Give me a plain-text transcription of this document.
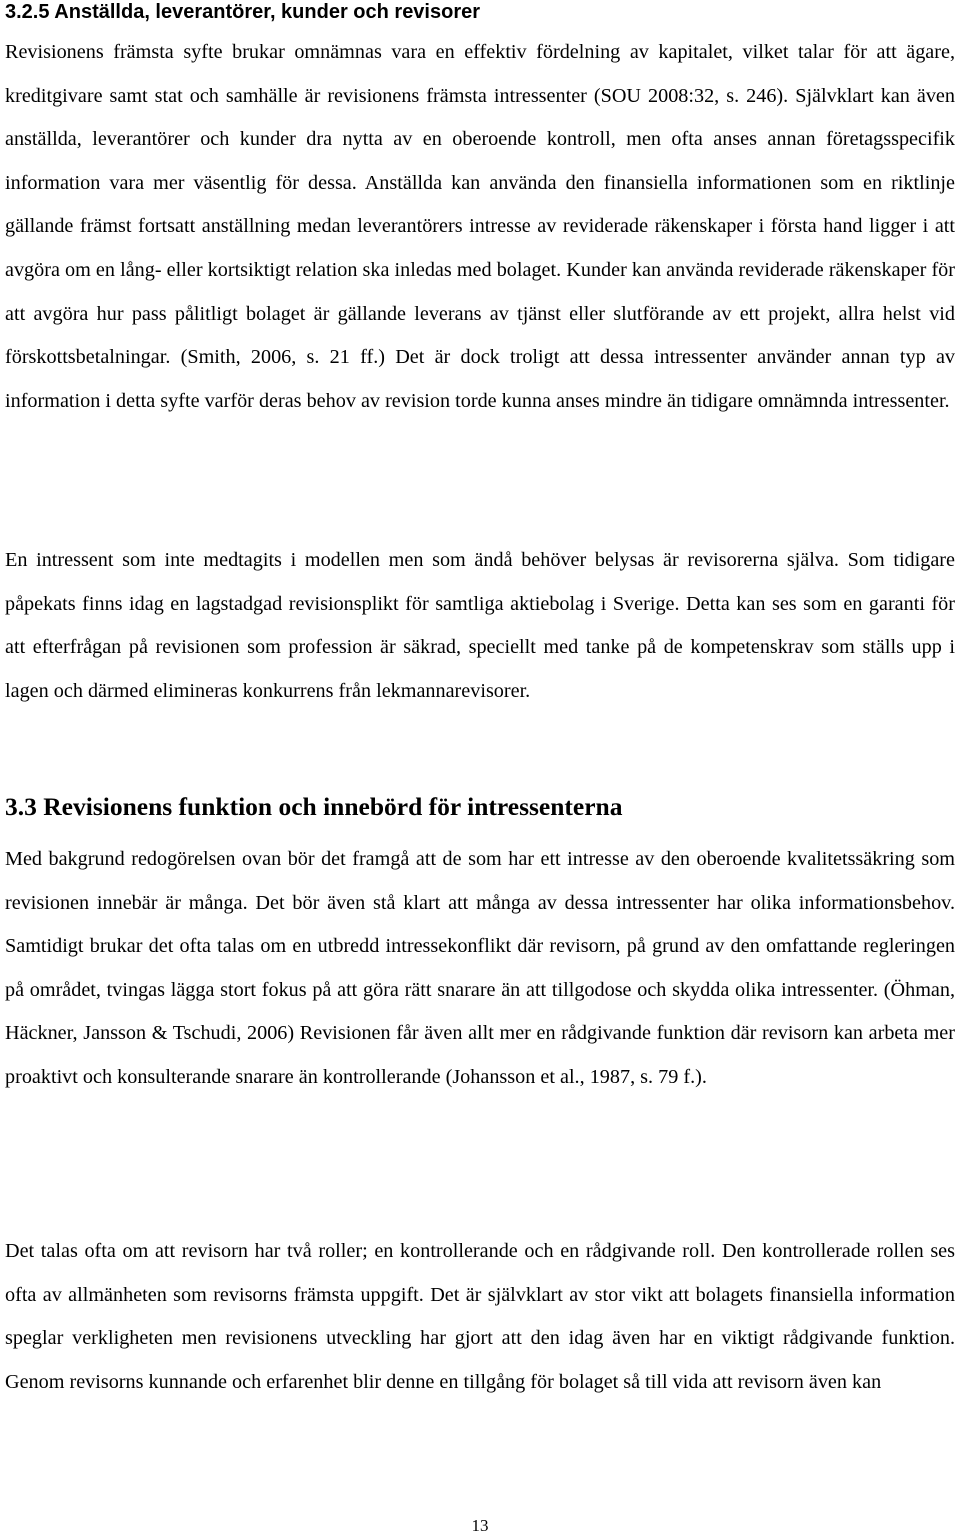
3.2.5 Anställda, leverantörer, kunder och revisorer

Revisionens främsta syfte brukar omnämnas vara en effektiv fördelning av kapitalet, vilket talar för att ägare, kreditgivare samt stat och samhälle är revisionens främsta intressenter (SOU 2008:32, s. 246). Självklart kan även anställda, leverantörer och kunder dra nytta av en oberoende kontroll, men ofta anses annan företagsspecifik information vara mer väsentlig för dessa. Anställda kan använda den finansiella informationen som en riktlinje gällande främst fortsatt anställning medan leverantörers intresse av reviderade räkenskaper i första hand ligger i att avgöra om en lång- eller kortsiktigt relation ska inledas med bolaget. Kunder kan använda reviderade räkenskaper för att avgöra hur pass pålitligt bolaget är gällande leverans av tjänst eller slutförande av ett projekt, allra helst vid förskottsbetalningar. (Smith, 2006, s. 21 ff.) Det är dock troligt att dessa intressenter använder annan typ av information i detta syfte varför deras behov av revision torde kunna anses mindre än tidigare omnämnda intressenter.

En intressent som inte medtagits i modellen men som ändå behöver belysas är revisorerna själva. Som tidigare påpekats finns idag en lagstadgad revisionsplikt för samtliga aktiebolag i Sverige. Detta kan ses som en garanti för att efterfrågan på revisionen som profession är säkrad, speciellt med tanke på de kompetenskrav som ställs upp i lagen och därmed elimineras konkurrens från lekmannarevisorer.

3.3 Revisionens funktion och innebörd för intressenterna

Med bakgrund redogörelsen ovan bör det framgå att de som har ett intresse av den oberoende kvalitetssäkring som revisionen innebär är många. Det bör även stå klart att många av dessa intressenter har olika informationsbehov. Samtidigt brukar det ofta talas om en utbredd intressekonflikt där revisorn, på grund av den omfattande regleringen på området, tvingas lägga stort fokus på att göra rätt snarare än att tillgodose och skydda olika intressenter. (Öhman, Häckner, Jansson & Tschudi, 2006) Revisionen får även allt mer en rådgivande funktion där revisorn kan arbeta mer proaktivt och konsulterande snarare än kontrollerande (Johansson et al., 1987, s. 79 f.).

Det talas ofta om att revisorn har två roller; en kontrollerande och en rådgivande roll. Den kontrollerade rollen ses ofta av allmänheten som revisorns främsta uppgift. Det är självklart av stor vikt att bolagets finansiella information speglar verkligheten men revisionens utveckling har gjort att den idag även har en viktigt rådgivande funktion. Genom revisorns kunnande och erfarenhet blir denne en tillgång för bolaget så till vida att revisorn även kan

13
